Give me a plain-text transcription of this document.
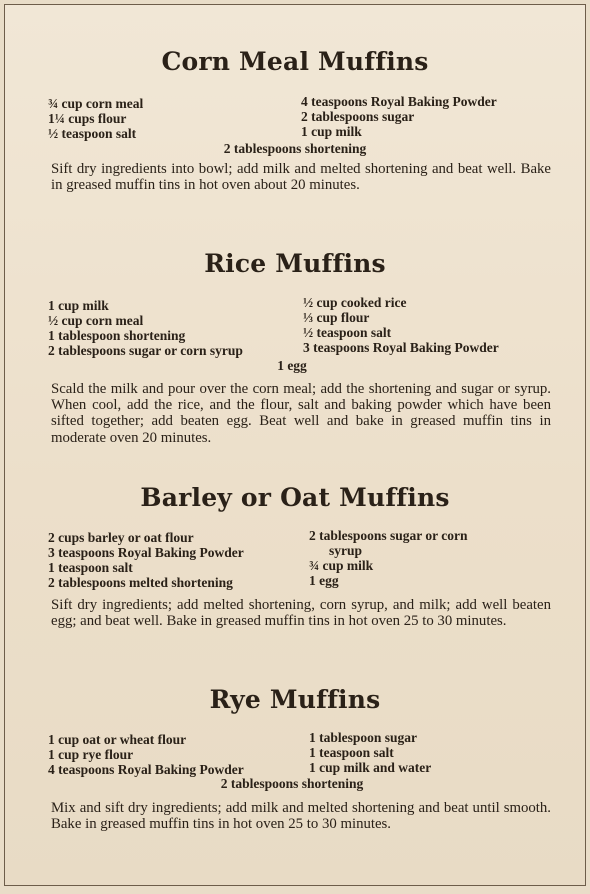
Corn Meal Muffins
¾ cup corn meal
1¼ cups flour
½ teaspoon salt
4 teaspoons Royal Baking Powder
2 tablespoons sugar
1 cup milk
2 tablespoons shortening

Sift dry ingredients into bowl; add milk and melted shortening and beat well. Bake in greased muffin tins in hot oven about 20 minutes.

Rice Muffins
1 cup milk
½ cup corn meal
1 tablespoon shortening
2 tablespoons sugar or corn syrup
½ cup cooked rice
⅓ cup flour
½ teaspoon salt
3 teaspoons Royal Baking Powder
1 egg

Scald the milk and pour over the corn meal; add the shortening and sugar or syrup. When cool, add the rice, and the flour, salt and baking powder which have been sifted together; add beaten egg. Beat well and bake in greased muffin tins in moderate oven 20 minutes.

Barley or Oat Muffins
2 cups barley or oat flour
3 teaspoons Royal Baking Powder
1 teaspoon salt
2 tablespoons melted shortening
2 tablespoons sugar or corn
syrup
¾ cup milk
1 egg

Sift dry ingredients; add melted shortening, corn syrup, and milk; add well beaten egg; and beat well. Bake in greased muffin tins in hot oven 25 to 30 minutes.

Rye Muffins
1 cup oat or wheat flour
1 cup rye flour
4 teaspoons Royal Baking Powder
1 tablespoon sugar
1 teaspoon salt
1 cup milk and water
2 tablespoons shortening

Mix and sift dry ingredients; add milk and melted shortening and beat until smooth. Bake in greased muffin tins in hot oven 25 to 30 minutes.
